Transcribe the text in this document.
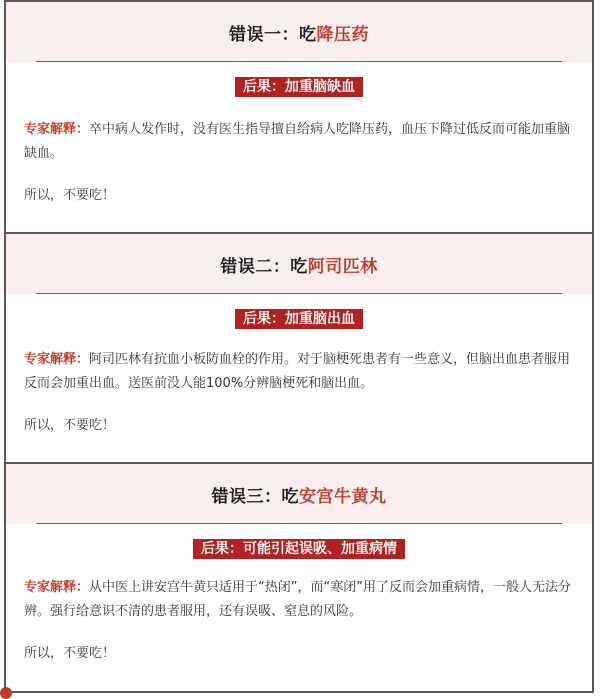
错误一：吃降压药
后果：加重脑缺血
专家解释：卒中病人发作时，没有医生指导擅自给病人吃降压药，血压下降过低反而可能加重脑缺血。
所以，不要吃！
错误二：吃阿司匹林
后果：加重脑出血
专家解释：阿司匹林有抗血小板防血栓的作用。对于脑梗死患者有一些意义，但脑出血患者服用反而会加重出血。送医前没人能100%分辨脑梗死和脑出血。
所以，不要吃！
错误三：吃安宫牛黄丸
后果：可能引起误吸、加重病情
专家解释：从中医上讲安宫牛黄只适用于“热闭”，而“寒闭”用了反而会加重病情，一般人无法分辨。强行给意识不清的患者服用，还有误吸、窒息的风险。
所以，不要吃！
